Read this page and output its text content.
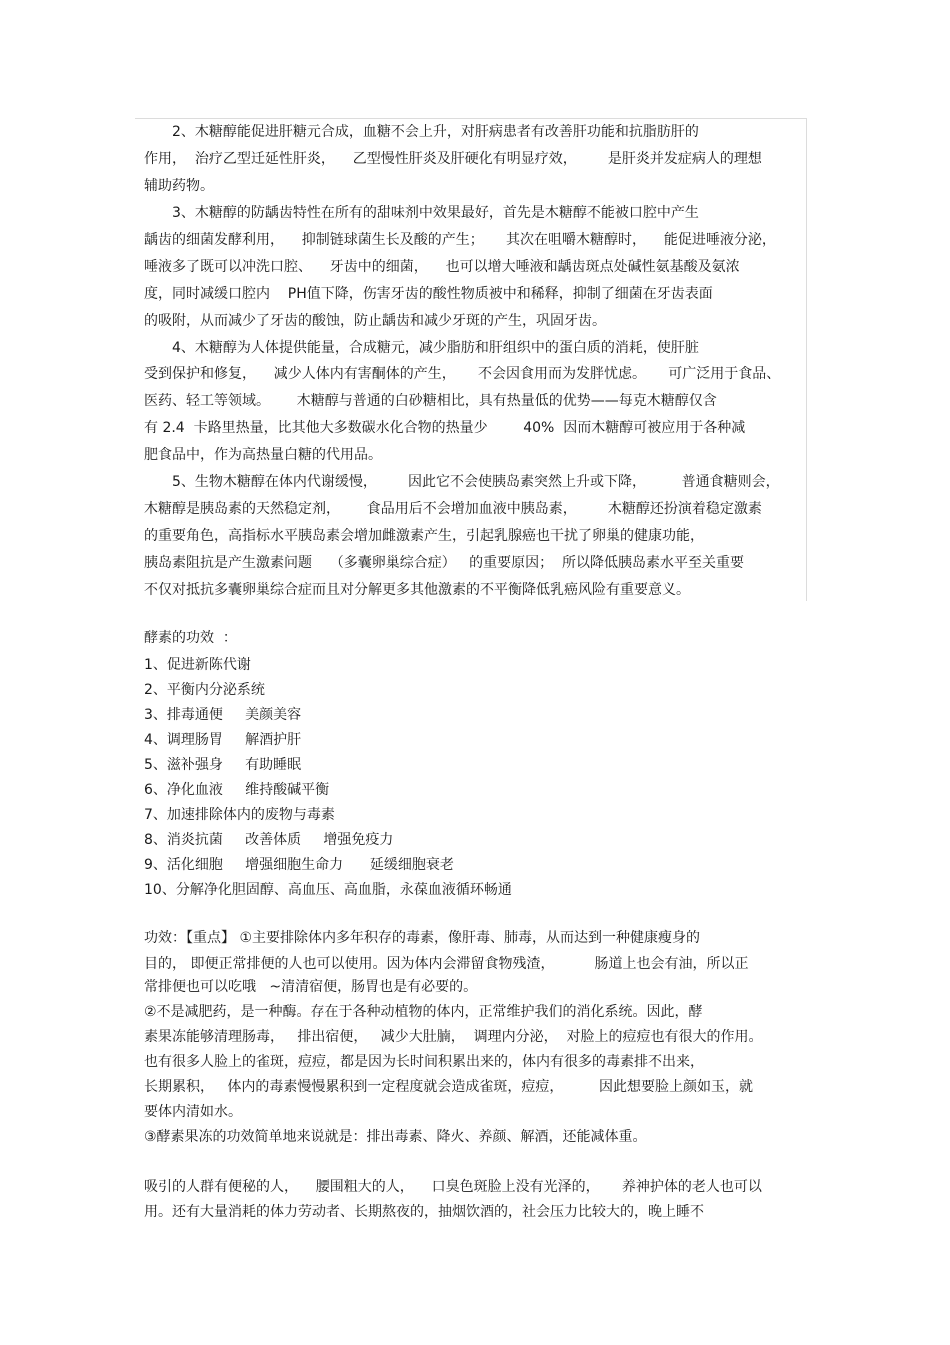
　　2、木糖醇能促进肝糖元合成，血糖不会上升，对肝病患者有改善肝功能和抗脂肪肝的
作用，  治疗乙型迁延性肝炎，    乙型慢性肝炎及肝硬化有明显疗效，       是肝炎并发症病人的理想
辅助药物。
　　3、木糖醇的防龋齿特性在所有的甜味剂中效果最好，首先是木糖醇不能被口腔中产生
龋齿的细菌发酵利用，    抑制链球菌生长及酸的产生；     其次在咀嚼木糖醇时，    能促进唾液分泌，
唾液多了既可以冲洗口腔、    牙齿中的细菌，    也可以增大唾液和龋齿斑点处碱性氨基酸及氨浓
度，同时减缓口腔内    PH值下降，伤害牙齿的酸性物质被中和稀释，抑制了细菌在牙齿表面
的吸附，从而减少了牙齿的酸蚀，防止龋齿和减少牙斑的产生，巩固牙齿。
　　4、木糖醇为人体提供能量，合成糖元，减少脂肪和肝组织中的蛋白质的消耗，使肝脏
受到保护和修复，    减少人体内有害酮体的产生，     不会因食用而为发胖忧虑。     可广泛用于食品、
医药、轻工等领域。      木糖醇与普通的白砂糖相比，具有热量低的优势——每克木糖醇仅含
有 2.4  卡路里热量，比其他大多数碳水化合物的热量少        40%  因而木糖醇可被应用于各种减
肥食品中，作为高热量白糖的代用品。
　　5、生物木糖醇在体内代谢缓慢，       因此它不会使胰岛素突然上升或下降，        普通食糖则会，
木糖醇是胰岛素的天然稳定剂，      食品用后不会增加血液中胰岛素，       木糖醇还扮演着稳定激素
的重要角色，高指标水平胰岛素会增加雌激素产生，引起乳腺癌也干扰了卵巢的健康功能，
胰岛素阻抗是产生激素问题    （多囊卵巢综合症）   的重要原因；  所以降低胰岛素水平至关重要
不仅对抵抗多囊卵巢综合症而且对分解更多其他激素的不平衡降低乳癌风险有重要意义。
酵素的功效  ：
1、促进新陈代谢
2、平衡内分泌系统
3、排毒通便     美颜美容
4、调理肠胃     解酒护肝
5、滋补强身     有助睡眠
6、净化血液     维持酸碱平衡
7、加速排除体内的废物与毒素
8、消炎抗菌     改善体质     增强免疫力
9、活化细胞     增强细胞生命力      延缓细胞衰老
10、分解净化胆固醇、高血压、高血脂，永葆血液循环畅通
功效：【重点】 ①主要排除体内多年积存的毒素，像肝毒、肺毒，从而达到一种健康瘦身的
目的， 即便正常排便的人也可以使用。因为体内会滞留食物残渣，         肠道上也会有油，所以正
常排便也可以吃哦   ~清清宿便，肠胃也是有必要的。
②不是减肥药，是一种酶。存在于各种动植物的体内，正常维护我们的消化系统。因此，酵
素果冻能够清理肠毒，   排出宿便，   减少大肚腩，  调理内分泌，  对脸上的痘痘也有很大的作用。
也有很多人脸上的雀斑，痘痘，都是因为长时间积累出来的，体内有很多的毒素排不出来，
长期累积，   体内的毒素慢慢累积到一定程度就会造成雀斑，痘痘，        因此想要脸上颜如玉，就
要体内清如水。
③酵素果冻的功效简单地来说就是：排出毒素、降火、养颜、解酒，还能减体重。
吸引的人群有便秘的人，    腰围粗大的人，    口臭色斑脸上没有光泽的，     养神护体的老人也可以
用。还有大量消耗的体力劳动者、长期熬夜的，抽烟饮酒的，社会压力比较大的，晚上睡不
